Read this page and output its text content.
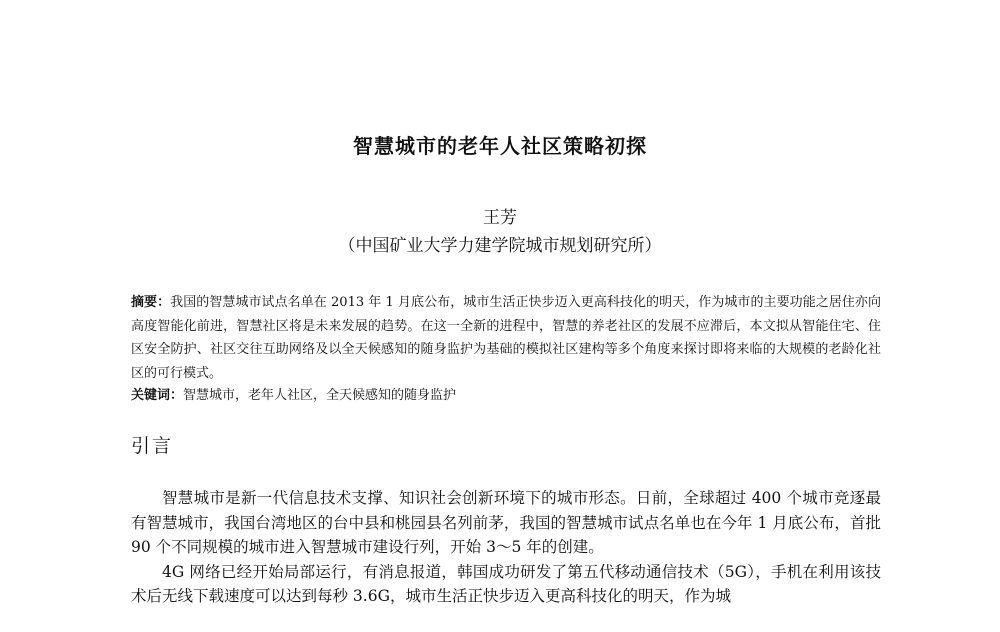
智慧城市的老年人社区策略初探
王芳
（中国矿业大学力建学院城市规划研究所）
摘要：我国的智慧城市试点名单在 2013 年 1 月底公布，城市生活正快步迈入更高科技化的明天，作为城市的主要功能之居住亦向高度智能化前进，智慧社区将是未来发展的趋势。在这一全新的进程中，智慧的养老社区的发展不应滞后，本文拟从智能住宅、住区安全防护、社区交往互助网络及以全天候感知的随身监护为基础的模拟社区建构等多个角度来探讨即将来临的大规模的老龄化社区的可行模式。
关键词：智慧城市，老年人社区，全天候感知的随身监护
引言

智慧城市是新一代信息技术支撑、知识社会创新环境下的城市形态。日前，全球超过 400 个城市竞逐最有智慧城市，我国台湾地区的台中县和桃园县名列前茅，我国的智慧城市试点名单也在今年 1 月底公布，首批 90 个不同规模的城市进入智慧城市建设行列，开始 3～5 年的创建。

4G 网络已经开始局部运行，有消息报道，韩国成功研发了第五代移动通信技术（5G），手机在利用该技术后无线下载速度可以达到每秒 3.6G，城市生活正快步迈入更高科技化的明天，作为城
